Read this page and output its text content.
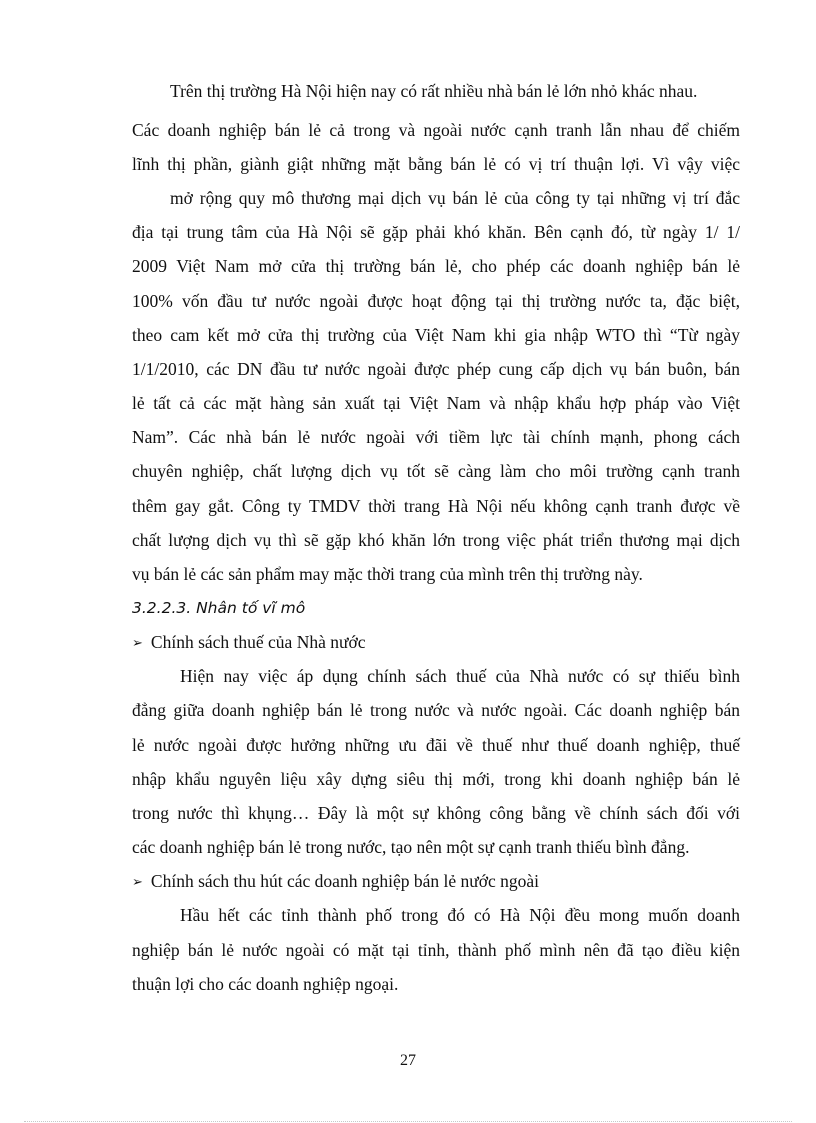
Trên thị trường Hà Nội hiện nay có rất nhiều nhà bán lẻ lớn nhỏ khác nhau.
Các doanh nghiệp bán lẻ cả trong và ngoài nước cạnh tranh lẫn nhau để chiếm
lĩnh thị phần, giành giật những mặt bằng bán lẻ có vị trí thuận lợi. Vì vậy việc
mở rộng quy mô thương mại dịch vụ bán lẻ của công ty tại những vị trí đắc
địa tại trung tâm của Hà Nội sẽ gặp phải khó khăn. Bên cạnh đó, từ ngày 1/ 1/
2009 Việt Nam mở cửa thị trường bán lẻ, cho phép các doanh nghiệp bán lẻ
100% vốn đầu tư nước ngoài được hoạt động tại thị trường nước ta, đặc biệt,
theo cam kết mở cửa thị trường của Việt Nam khi gia nhập WTO thì “Từ ngày
1/1/2010, các DN đầu tư nước ngoài được phép cung cấp dịch vụ bán buôn, bán
lẻ tất cả các mặt hàng sản xuất tại Việt Nam và nhập khẩu hợp pháp vào Việt
Nam”. Các nhà bán lẻ nước ngoài với tiềm lực tài chính mạnh, phong cách
chuyên nghiệp, chất lượng dịch vụ tốt sẽ càng làm cho môi trường cạnh tranh
thêm gay gắt. Công ty TMDV thời trang Hà Nội nếu không cạnh tranh được về
chất lượng dịch vụ thì sẽ gặp khó khăn lớn trong việc phát triển thương mại dịch
vụ bán lẻ các sản phẩm may mặc thời trang của mình trên thị trường này.
3.2.2.3. Nhân tố vĩ mô
➢ Chính sách thuế của Nhà nước
Hiện nay việc áp dụng chính sách thuế của Nhà nước có sự thiếu bình
đẳng giữa doanh nghiệp bán lẻ trong nước và nước ngoài. Các doanh nghiệp bán
lẻ nước ngoài được hưởng những ưu đãi về thuế như thuế doanh nghiệp, thuế
nhập khẩu nguyên liệu xây dựng siêu thị mới, trong khi doanh nghiệp bán lẻ
trong nước thì khụng… Đây là một sự không công bằng về chính sách đối với
các doanh nghiệp bán lẻ trong nước, tạo nên một sự cạnh tranh thiếu bình đẳng.
➢ Chính sách thu hút các doanh nghiệp bán lẻ nước ngoài
Hầu hết các tỉnh thành phố trong đó có Hà Nội đều mong muốn doanh
nghiệp bán lẻ nước ngoài có mặt tại tỉnh, thành phố mình nên đã tạo điều kiện
thuận lợi cho các doanh nghiệp ngoại.
27
